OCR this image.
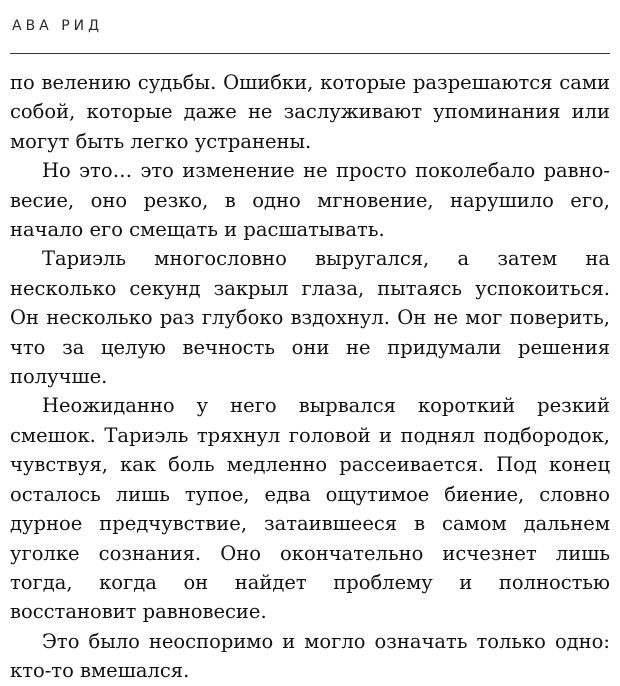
АВА РИД

по велению судьбы. Ошибки, которые разрешаются сами собой, которые даже не заслуживают упоминания или могут быть легко устранены.

Но это… это изменение не просто поколебало равновесие, оно резко, в одно мгновение, нарушило его, начало его смещать и расшатывать.

Тариэль многословно выругался, а затем на несколько секунд закрыл глаза, пытаясь успокоиться. Он несколько раз глубоко вздохнул. Он не мог поверить, что за целую вечность они не придумали решения получше.

Неожиданно у него вырвался короткий резкий смешок. Тариэль тряхнул головой и поднял подбородок, чувствуя, как боль медленно рассеивается. Под конец осталось лишь тупое, едва ощутимое биение, словно дурное предчувствие, затаившееся в самом дальнем уголке сознания. Оно окончательно исчезнет лишь тогда, когда он найдет проблему и полностью восстановит равновесие.

Это было неоспоримо и могло означать только одно: кто-то вмешался.
